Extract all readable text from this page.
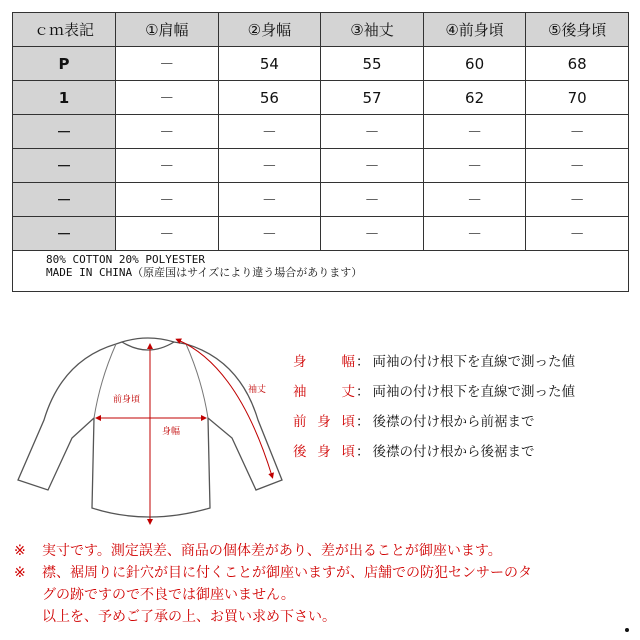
ｃｍ表記	①肩幅	②身幅	③袖丈	④前身頃	⑤後身頃
P	－	54	55	60	68
1	－	56	57	62	70
－	－	－	－	－	－
－	－	－	－	－	－
－	－	－	－	－	－
－	－	－	－	－	－

80% COTTON 20% POLYESTER
MADE IN CHINA（原産国はサイズにより違う場合があります）					
前身頃
身幅
袖丈
身 幅 ： 両袖の付け根下を直線で測った値
袖 丈 ： 両袖の付け根下を直線で測った値
前身頃 ： 後襟の付け根から前裾まで
後身頃 ： 後襟の付け根から後裾まで
※ 実寸です。測定誤差、商品の個体差があり、差が出ることが御座います。
※ 襟、裾周りに針穴が目に付くことが御座いますが、店舗での防犯センサーのタ
グの跡ですので不良では御座いません。
以上を、予めご了承の上、お買い求め下さい。
